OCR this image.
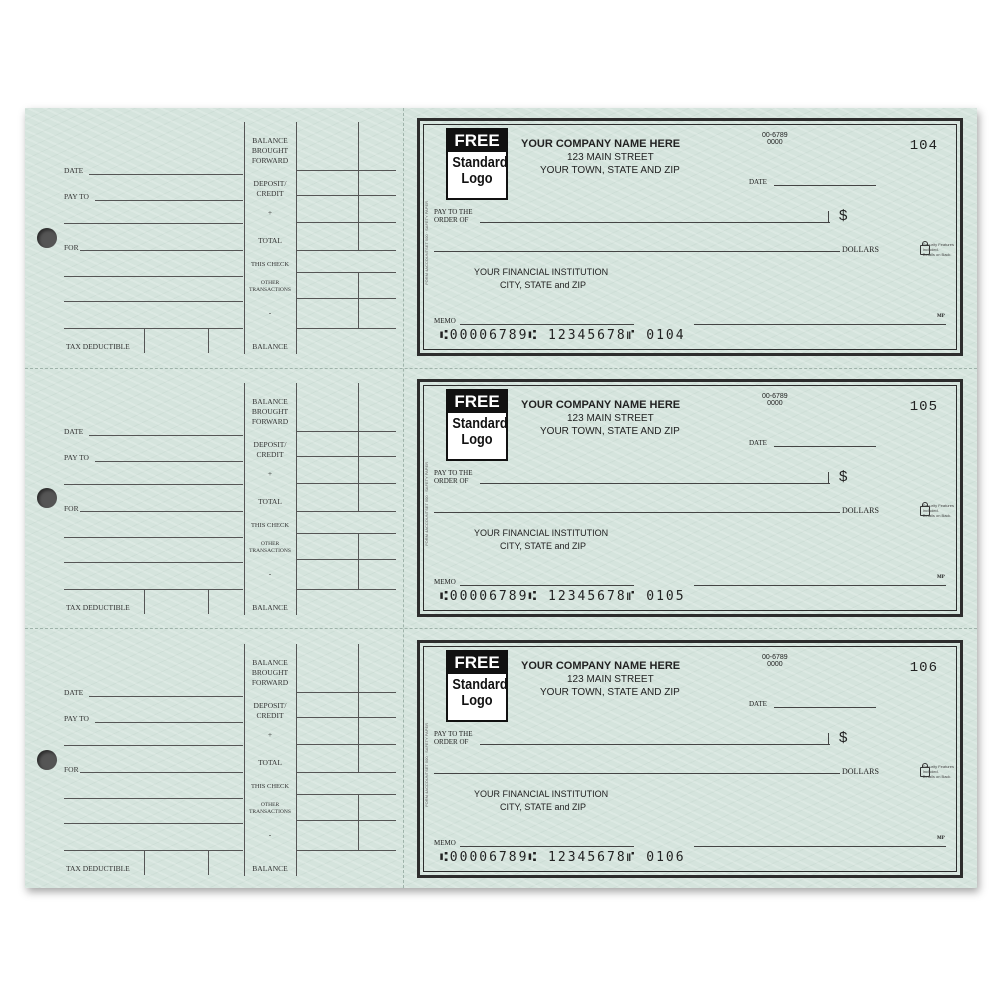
DATE
PAY TO
FOR
TAX DEDUCTIBLE
BALANCE
BROUGHT
FORWARD
DEPOSIT/
CREDIT
+
TOTAL
THIS CHECK
OTHER
TRANSACTIONS
-
BALANCE
FREE
Standard
Logo
YOUR COMPANY NAME HERE
123 MAIN STREET
YOUR TOWN, STATE AND ZIP
00-6789
0000	104
DATE
PAY TO THE
ORDER OF	$
DOLLARS
Security Features
Included.
Details on Back.
YOUR FINANCIAL INSTITUTION
CITY, STATE and ZIP
MEMO
MP
⑆00006789⑆ 12345678⑈ 0104
FORM 4ACCOUNTSET 500 · SAFETY PAPER
DATE
PAY TO
FOR
TAX DEDUCTIBLE
BALANCE
BROUGHT
FORWARD
DEPOSIT/
CREDIT
+
TOTAL
THIS CHECK
OTHER
TRANSACTIONS
-
BALANCE
FREE
Standard
Logo
YOUR COMPANY NAME HERE
123 MAIN STREET
YOUR TOWN, STATE AND ZIP
00-6789
0000	105
DATE
PAY TO THE
ORDER OF	$
DOLLARS
Security Features
Included.
Details on Back.
YOUR FINANCIAL INSTITUTION
CITY, STATE and ZIP
MEMO
MP
⑆00006789⑆ 12345678⑈ 0105
FORM 4ACCOUNTSET 500 · SAFETY PAPER
DATE
PAY TO
FOR
TAX DEDUCTIBLE
BALANCE
BROUGHT
FORWARD
DEPOSIT/
CREDIT
+
TOTAL
THIS CHECK
OTHER
TRANSACTIONS
-
BALANCE
FREE
Standard
Logo
YOUR COMPANY NAME HERE
123 MAIN STREET
YOUR TOWN, STATE AND ZIP
00-6789
0000	106
DATE
PAY TO THE
ORDER OF	$
DOLLARS
Security Features
Included.
Details on Back.
YOUR FINANCIAL INSTITUTION
CITY, STATE and ZIP
MEMO
MP
⑆00006789⑆ 12345678⑈ 0106
FORM 4ACCOUNTSET 500 · SAFETY PAPER
